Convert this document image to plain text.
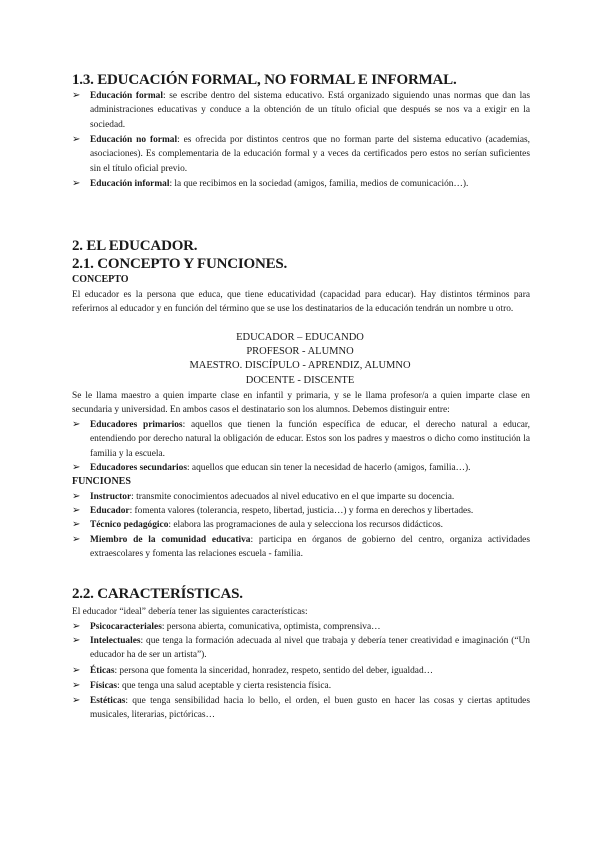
1.3. EDUCACIÓN FORMAL, NO FORMAL E INFORMAL.
➢ Educación formal: se escribe dentro del sistema educativo. Está organizado siguiendo unas normas que dan las administraciones educativas y conduce a la obtención de un título oficial que después se nos va a exigir en la sociedad.
➢ Educación no formal: es ofrecida por distintos centros que no forman parte del sistema educativo (academias, asociaciones). Es complementaria de la educación formal y a veces da certificados pero estos no serían suficientes sin el título oficial previo.
➢ Educación informal: la que recibimos en la sociedad (amigos, familia, medios de comunicación…).
2. EL EDUCADOR.
2.1. CONCEPTO Y FUNCIONES.
CONCEPTO

El educador es la persona que educa, que tiene educatividad (capacidad para educar). Hay distintos términos para referirnos al educador y en función del término que se use los destinatarios de la educación tendrán un nombre u otro.

EDUCADOR – EDUCANDO

PROFESOR - ALUMNO

MAESTRO. DISCÍPULO - APRENDIZ, ALUMNO

DOCENTE - DISCENTE

Se le llama maestro a quien imparte clase en infantil y primaria, y se le llama profesor/a a quien imparte clase en secundaria y universidad. En ambos casos el destinatario son los alumnos. Debemos distinguir entre:

➢ Educadores primarios: aquellos que tienen la función específica de educar, el derecho natural a educar, entendiendo por derecho natural la obligación de educar. Estos son los padres y maestros o dicho como institución la familia y la escuela.
➢ Educadores secundarios: aquellos que educan sin tener la necesidad de hacerlo (amigos, familia…).
FUNCIONES
➢ Instructor: transmite conocimientos adecuados al nivel educativo en el que imparte su docencia.
➢ Educador: fomenta valores (tolerancia, respeto, libertad, justicia…) y forma en derechos y libertades.
➢ Técnico pedagógico: elabora las programaciones de aula y selecciona los recursos didácticos.
➢ Miembro de la comunidad educativa: participa en órganos de gobierno del centro, organiza actividades extraescolares y fomenta las relaciones escuela - familia.
2.2. CARACTERÍSTICAS.

El educador “ideal” debería tener las siguientes características:

➢ Psicocaracteriales: persona abierta, comunicativa, optimista, comprensiva…
➢ Intelectuales: que tenga la formación adecuada al nivel que trabaja y debería tener creatividad e imaginación (“Un educador ha de ser un artista”).
➢ Éticas: persona que fomenta la sinceridad, honradez, respeto, sentido del deber, igualdad…
➢ Físicas: que tenga una salud aceptable y cierta resistencia física.
➢ Estéticas: que tenga sensibilidad hacia lo bello, el orden, el buen gusto en hacer las cosas y ciertas aptitudes musicales, literarias, pictóricas…
